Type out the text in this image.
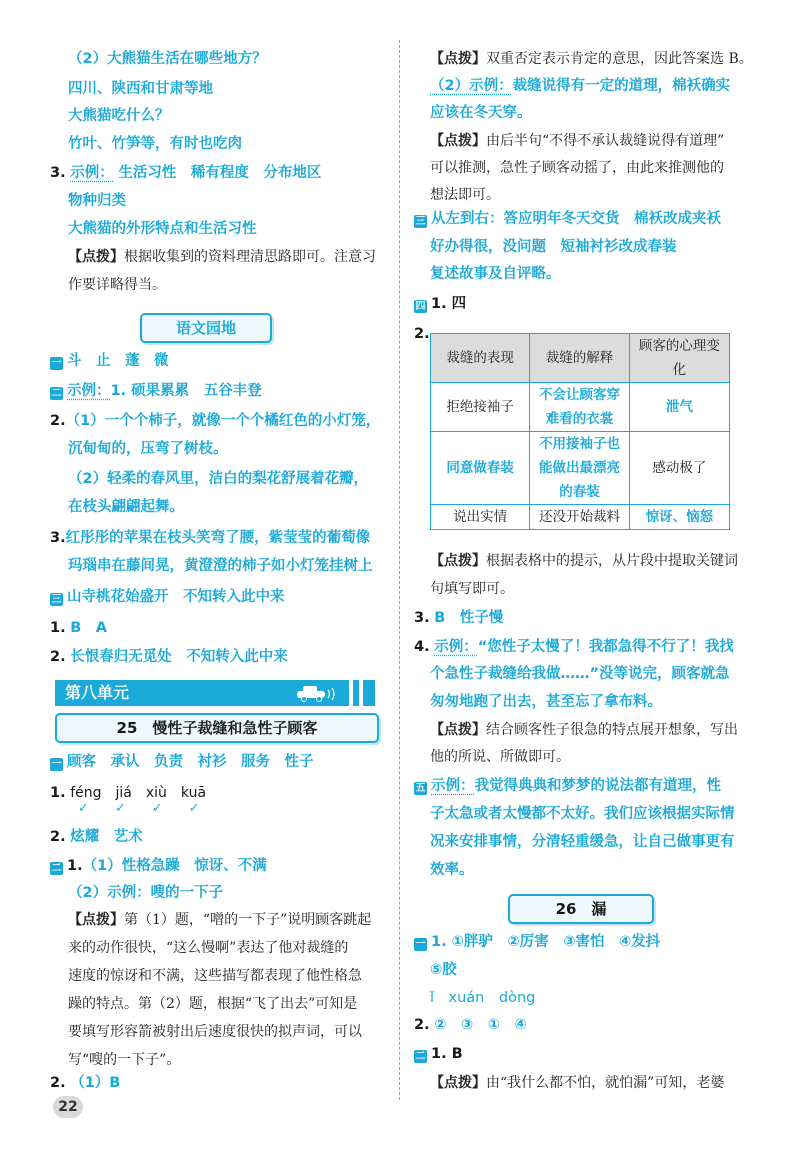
（2）大熊猫生活在哪些地方？
四川、陕西和甘肃等地
大熊猫吃什么？
竹叶、竹笋等，有时也吃肉
3. 示例： 生活习性　稀有程度　分布地区
物种归类
大熊猫的外形特点和生活习性
【点拨】根据收集到的资料理清思路即可。注意习
作要详略得当。
语文园地
一 斗　止　蓬　微
二 示例：1. 硕果累累　五谷丰登
2.（1）一个个柿子，就像一个个橘红色的小灯笼，
沉甸甸的，压弯了树枝。
（2）轻柔的春风里，洁白的梨花舒展着花瓣，
在枝头翩翩起舞。
3.红彤彤的苹果在枝头笑弯了腰，紫莹莹的葡萄像
玛瑙串在藤间晃，黄澄澄的柿子如小灯笼挂树上
三 山寺桃花始盛开　不知转入此中来
1. B　A
2. 长恨春归无觅处　不知转入此中来
第八单元
25　慢性子裁缝和急性子顾客
一 顾客　承认　负责　衬衫　服务　性子
1. féng　jiá　xiù　kuā
✓　　✓　　✓　　✓
2. 炫耀　艺术
二 1.（1）性格急躁　惊讶、不满
（2）示例：嗖的一下子
【点拨】第（1）题，“噌的一下子”说明顾客跳起
来的动作很快，“这么慢啊”表达了他对裁缝的
速度的惊讶和不满，这些描写都表现了他性格急
躁的特点。第（2）题，根据“飞了出去”可知是
要填写形容箭被射出后速度很快的拟声词，可以
写“嗖的一下子”。
2. （1）B
22
【点拨】双重否定表示肯定的意思，因此答案选 B。
（2）示例：裁缝说得有一定的道理，棉袄确实
应该在冬天穿。
【点拨】由后半句“不得不承认裁缝说得有道理”
可以推测，急性子顾客动摇了，由此来推测他的
想法即可。
三 从左到右：答应明年冬天交货　棉袄改成夹袄
好办得很，没问题　短袖衬衫改成春装
复述故事及自评略。
四 1. 四
2.
裁缝的表现	裁缝的解释	顾客的心理变化
拒绝接袖子	不会让顾客穿难看的衣裳	泄气
同意做春装	不用接袖子也能做出最漂亮的春装	感动极了
说出实情	还没开始裁料	惊讶、恼怒
【点拨】根据表格中的提示，从片段中提取关键词
句填写即可。
3. B　性子慢
4. 示例：“您性子太慢了！我都急得不行了！我找
个急性子裁缝给我做……”没等说完，顾客就急
匆匆地跑了出去，甚至忘了拿布料。
【点拨】结合顾客性子很急的特点展开想象，写出
他的所说、所做即可。
五 示例：我觉得典典和梦梦的说法都有道理，性
子太急或者太慢都不太好。我们应该根据实际情
况来安排事情，分清轻重缓急，让自己做事更有
效率。
26　漏
一 1. ①胖驴　②厉害　③害怕　④发抖
⑤胶
ǐ　xuán　dòng
2. ②　③　①　④
二 1. B
【点拨】由“我什么都不怕，就怕漏”可知，老婆
